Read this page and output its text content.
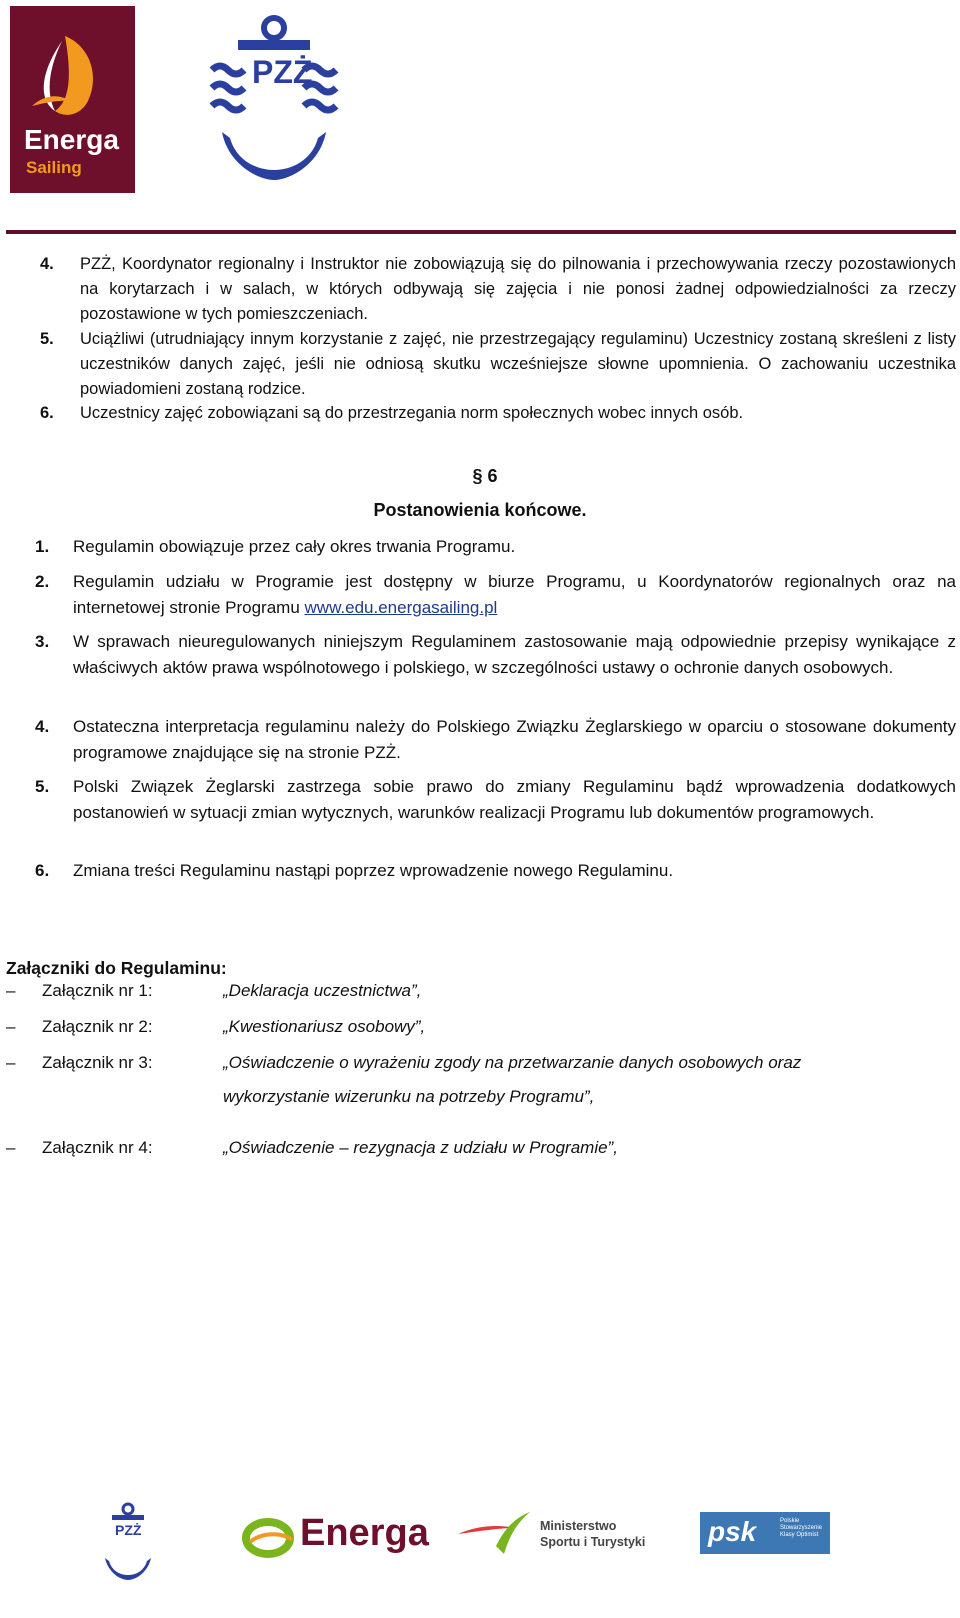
Energa
Sailing
PZŻ
4. PZŻ, Koordynator regionalny i Instruktor nie zobowiązują się do pilnowania i przechowywania rzeczy pozostawionych na korytarzach i w salach, w których odbywają się zajęcia i nie ponosi żadnej odpowiedzialności za rzeczy pozostawione w tych pomieszczeniach.
5. Uciążliwi (utrudniający innym korzystanie z zajęć, nie przestrzegający regulaminu) Uczestnicy zostaną skreśleni z listy uczestników danych zajęć, jeśli nie odniosą skutku wcześniejsze słowne upomnienia. O zachowaniu uczestnika powiadomieni zostaną rodzice.
6. Uczestnicy zajęć zobowiązani są do przestrzegania norm społecznych wobec innych osób.
§ 6
Postanowienia końcowe.
1. Regulamin obowiązuje przez cały okres trwania Programu.
2. Regulamin udziału w Programie jest dostępny w biurze Programu, u Koordynatorów regionalnych oraz na internetowej stronie Programu www.edu.energasailing.pl
3. W sprawach nieuregulowanych niniejszym Regulaminem zastosowanie mają odpowiednie przepisy wynikające z właściwych aktów prawa wspólnotowego i polskiego, w szczególności ustawy o ochronie danych osobowych.
4. Ostateczna interpretacja regulaminu należy do Polskiego Związku Żeglarskiego w oparciu o stosowane dokumenty programowe znajdujące się na stronie PZŻ.
5. Polski Związek Żeglarski zastrzega sobie prawo do zmiany Regulaminu bądź wprowadzenia dodatkowych postanowień w sytuacji zmian wytycznych, warunków realizacji Programu lub dokumentów programowych.
6. Zmiana treści Regulaminu nastąpi poprzez wprowadzenie nowego Regulaminu.
Załączniki do Regulaminu:
– Załącznik nr 1:	„Deklaracja uczestnictwa”,
– Załącznik nr 2:	„Kwestionariusz osobowy”,
– Załącznik nr 3:	„Oświadczenie o wyrażeniu zgody na przetwarzanie danych osobowych oraz wykorzystanie wizerunku na potrzeby Programu”,
– Załącznik nr 4:	„Oświadczenie – rezygnacja z udziału w Programie”,
PZŻ	Energa	Ministerstwo
Sportu i Turystyki psk	Polskie Stowarzyszenie Klasy Optimist
